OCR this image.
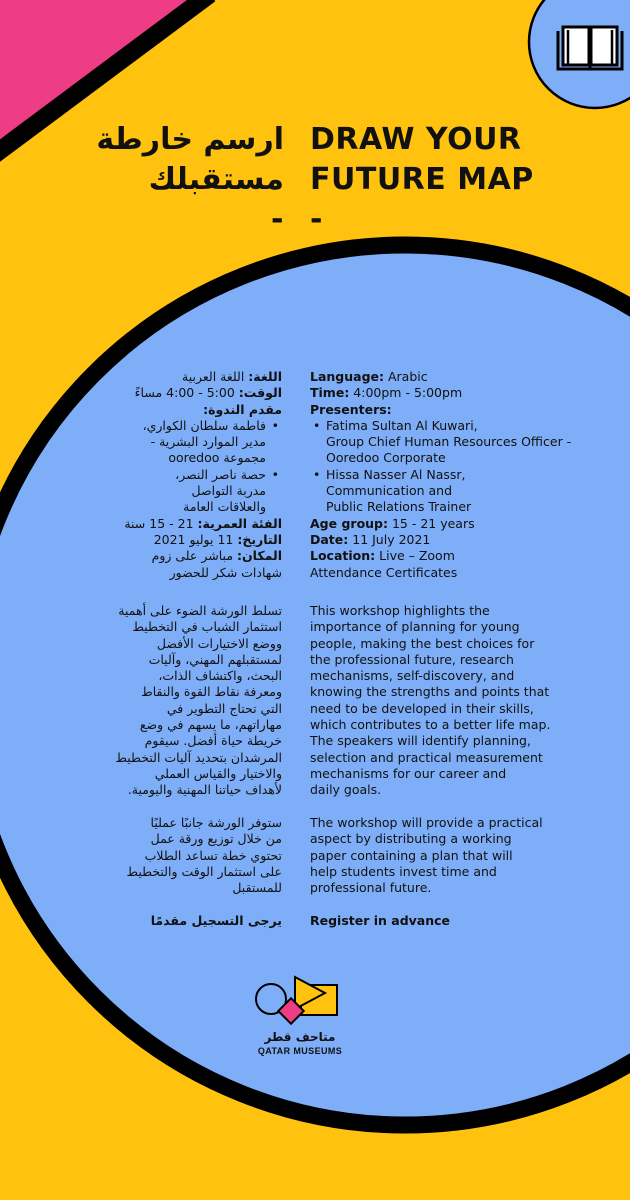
DRAW YOUR
FUTURE MAP
-
ارسم خارطة
مستقبلك
-
Language: Arabic
Time: 4:00pm - 5:00pm
Presenters:
• Fatima Sultan Al Kuwari,
Group Chief Human Resources Officer -
Ooredoo Corporate
• Hissa Nasser Al Nassr,
Communication and
Public Relations Trainer
Age group: 15 - 21 years
Date: 11 July 2021
Location: Live – Zoom
Attendance Certificates
اللغة: اللغة العربية
الوقت: 5:00 - 4:00 مساءً
مقدم الندوة:
• فاطمة سلطان الكواري،
مدير الموارد البشرية -
مجموعة ooredoo
• حصة ناصر النصر،
مدربة التواصل
والعلاقات العامة
الفئة العمرية: 21 - 15 سنة
التاريخ: 11 يوليو 2021
المكان: مباشر على زوم
شهادات شكر للحضور
This workshop highlights the
importance of planning for young
people, making the best choices for
the professional future, research
mechanisms, self-discovery, and
knowing the strengths and points that
need to be developed in their skills,
which contributes to a better life map.
The speakers will identify planning,
selection and practical measurement
mechanisms for our career and
daily goals.
The workshop will provide a practical
aspect by distributing a working
paper containing a plan that will
help students invest time and
professional future.
Register in advance
تسلط الورشة الضوء على أهمية
استثمار الشباب في التخطيط
ووضع الاختيارات الأفضل
لمستقبلهم المهني، وآليات
البحث، واكتشاف الذات،
ومعرفة نقاط القوة والنقاط
التي تحتاج التطوير في
مهاراتهم، ما يسهم في وضع
خريطة حياة أفضل. سيقوم
المرشدان بتحديد آليات التخطيط
والاختيار والقياس العملي
لأهداف حياتنا المهنية واليومية.
ستوفر الورشة جانبًا عمليًا
من خلال توزيع ورقة عمل
تحتوي خطة تساعد الطلاب
على استثمار الوقت والتخطيط
للمستقبل
يرجى التسجيل مقدمًا
متاحف قطر
QATAR MUSEUMS
